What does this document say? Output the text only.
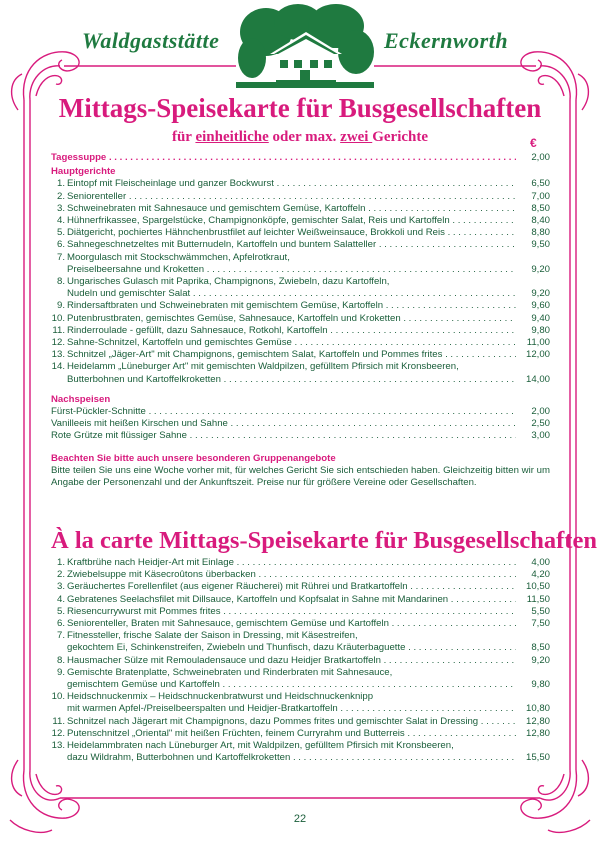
Waldgaststätte	Eckernworth
Mittags-Speisekarte für Busgesellschaften
für einheitliche oder max. zwei Gerichte	€
Tagessuppe . . .	2,00
Hauptgerichte
1. Eintopf mit Fleischeinlage und ganzer Bockwurst . . .	6,50
2. Seniorenteller . . .	7,00
3. Schweinebraten mit Sahnesauce und gemischtem Gemüse, Kartoffeln . . .	8,50
4. Hühnerfrikassee, Spargelstücke, Champignonköpfe, gemischter Salat, Reis und Kartoffeln . . .	8,40
5. Diätgericht, pochiertes Hähnchenbrustfilet auf leichter Weißweinsauce, Brokkoli und Reis . . .	8,80
6. Sahnegeschnetzeltes mit Butternudeln, Kartoffeln und buntem Salatteller . . .	9,50
7. Moorgulasch mit Stockschwämmchen, Apfelrotkraut,
Preiselbeersahne und Kroketten . . .	9,20
8. Ungarisches Gulasch mit Paprika, Champignons, Zwiebeln, dazu Kartoffeln,
Nudeln und gemischter Salat . . .	9,20
9. Rindersaftbraten und Schweinebraten mit gemischtem Gemüse, Kartoffeln . . .	9,60
10. Putenbrustbraten, gemischtes Gemüse, Sahnesauce, Kartoffeln und Kroketten . . .	9,40
11. Rinderroulade - gefüllt, dazu Sahnesauce, Rotkohl, Kartoffeln . . .	9,80
12. Sahne-Schnitzel, Kartoffeln und gemischtes Gemüse . . .	11,00
13. Schnitzel „Jäger-Art" mit Champignons, gemischtem Salat, Kartoffeln und Pommes frites . . .	12,00
14. Heidelamm „Lüneburger Art" mit gemischten Waldpilzen, gefülltem Pfirsich mit Kronsbeeren,
Butterbohnen und Kartoffelkroketten . . .	14,00
Nachspeisen
Fürst-Pückler-Schnitte . . .	2,00
Vanilleeis mit heißen Kirschen und Sahne . . .	2,50
Rote Grütze mit flüssiger Sahne . . .	3,00
Beachten Sie bitte auch unsere besonderen Gruppenangebote
Bitte teilen Sie uns eine Woche vorher mit, für welches Gericht Sie sich entschieden haben. Gleichzeitig bitten wir um Angabe der Personenzahl und der Ankunftszeit. Preise nur für größere Vereine oder Gesellschaften.
À la carte Mittags-Speisekarte für Busgesellschaften
1. Kraftbrühe nach Heidjer-Art mit Einlage . . .	4,00
2. Zwiebelsuppe mit Käsecroûtons überbacken . . .	4,20
3. Geräuchertes Forellenfilet (aus eigener Räucherei) mit Rührei und Bratkartoffeln . . .	10,50
4. Gebratenes Seelachsfilet mit Dillsauce, Kartoffeln und Kopfsalat in Sahne mit Mandarinen . . .	11,50
5. Riesencurrywurst mit Pommes frites . . .	5,50
6. Seniorenteller, Braten mit Sahnesauce, gemischtem Gemüse und Kartoffeln . . .	7,50
7. Fitnessteller, frische Salate der Saison in Dressing, mit Käsestreifen,
gekochtem Ei, Schinkenstreifen, Zwiebeln und Thunfisch, dazu Kräuterbaguette . . .	8,50
8. Hausmacher Sülze mit Remouladensauce und dazu Heidjer Bratkartoffeln . . .	9,20
9. Gemischte Bratenplatte, Schweinebraten und Rinderbraten mit Sahnesauce,
gemischtem Gemüse und Kartoffeln . . .	9,80
10. Heidschnuckenmix – Heidschnuckenbratwurst und Heidschnuckenknipp
mit warmen Apfel-/Preiselbeerspalten und Heidjer-Bratkartoffeln . . .	10,80
11. Schnitzel nach Jägerart mit Champignons, dazu Pommes frites und gemischter Salat in Dressing . . .	12,80
12. Putenschnitzel „Oriental" mit heißen Früchten, feinem Curryrahm und Butterreis . . .	12,80
13. Heidelammbraten nach Lüneburger Art, mit Waldpilzen, gefülltem Pfirsich mit Kronsbeeren,
dazu Wildrahm, Butterbohnen und Kartoffelkroketten . . .	15,50
22
